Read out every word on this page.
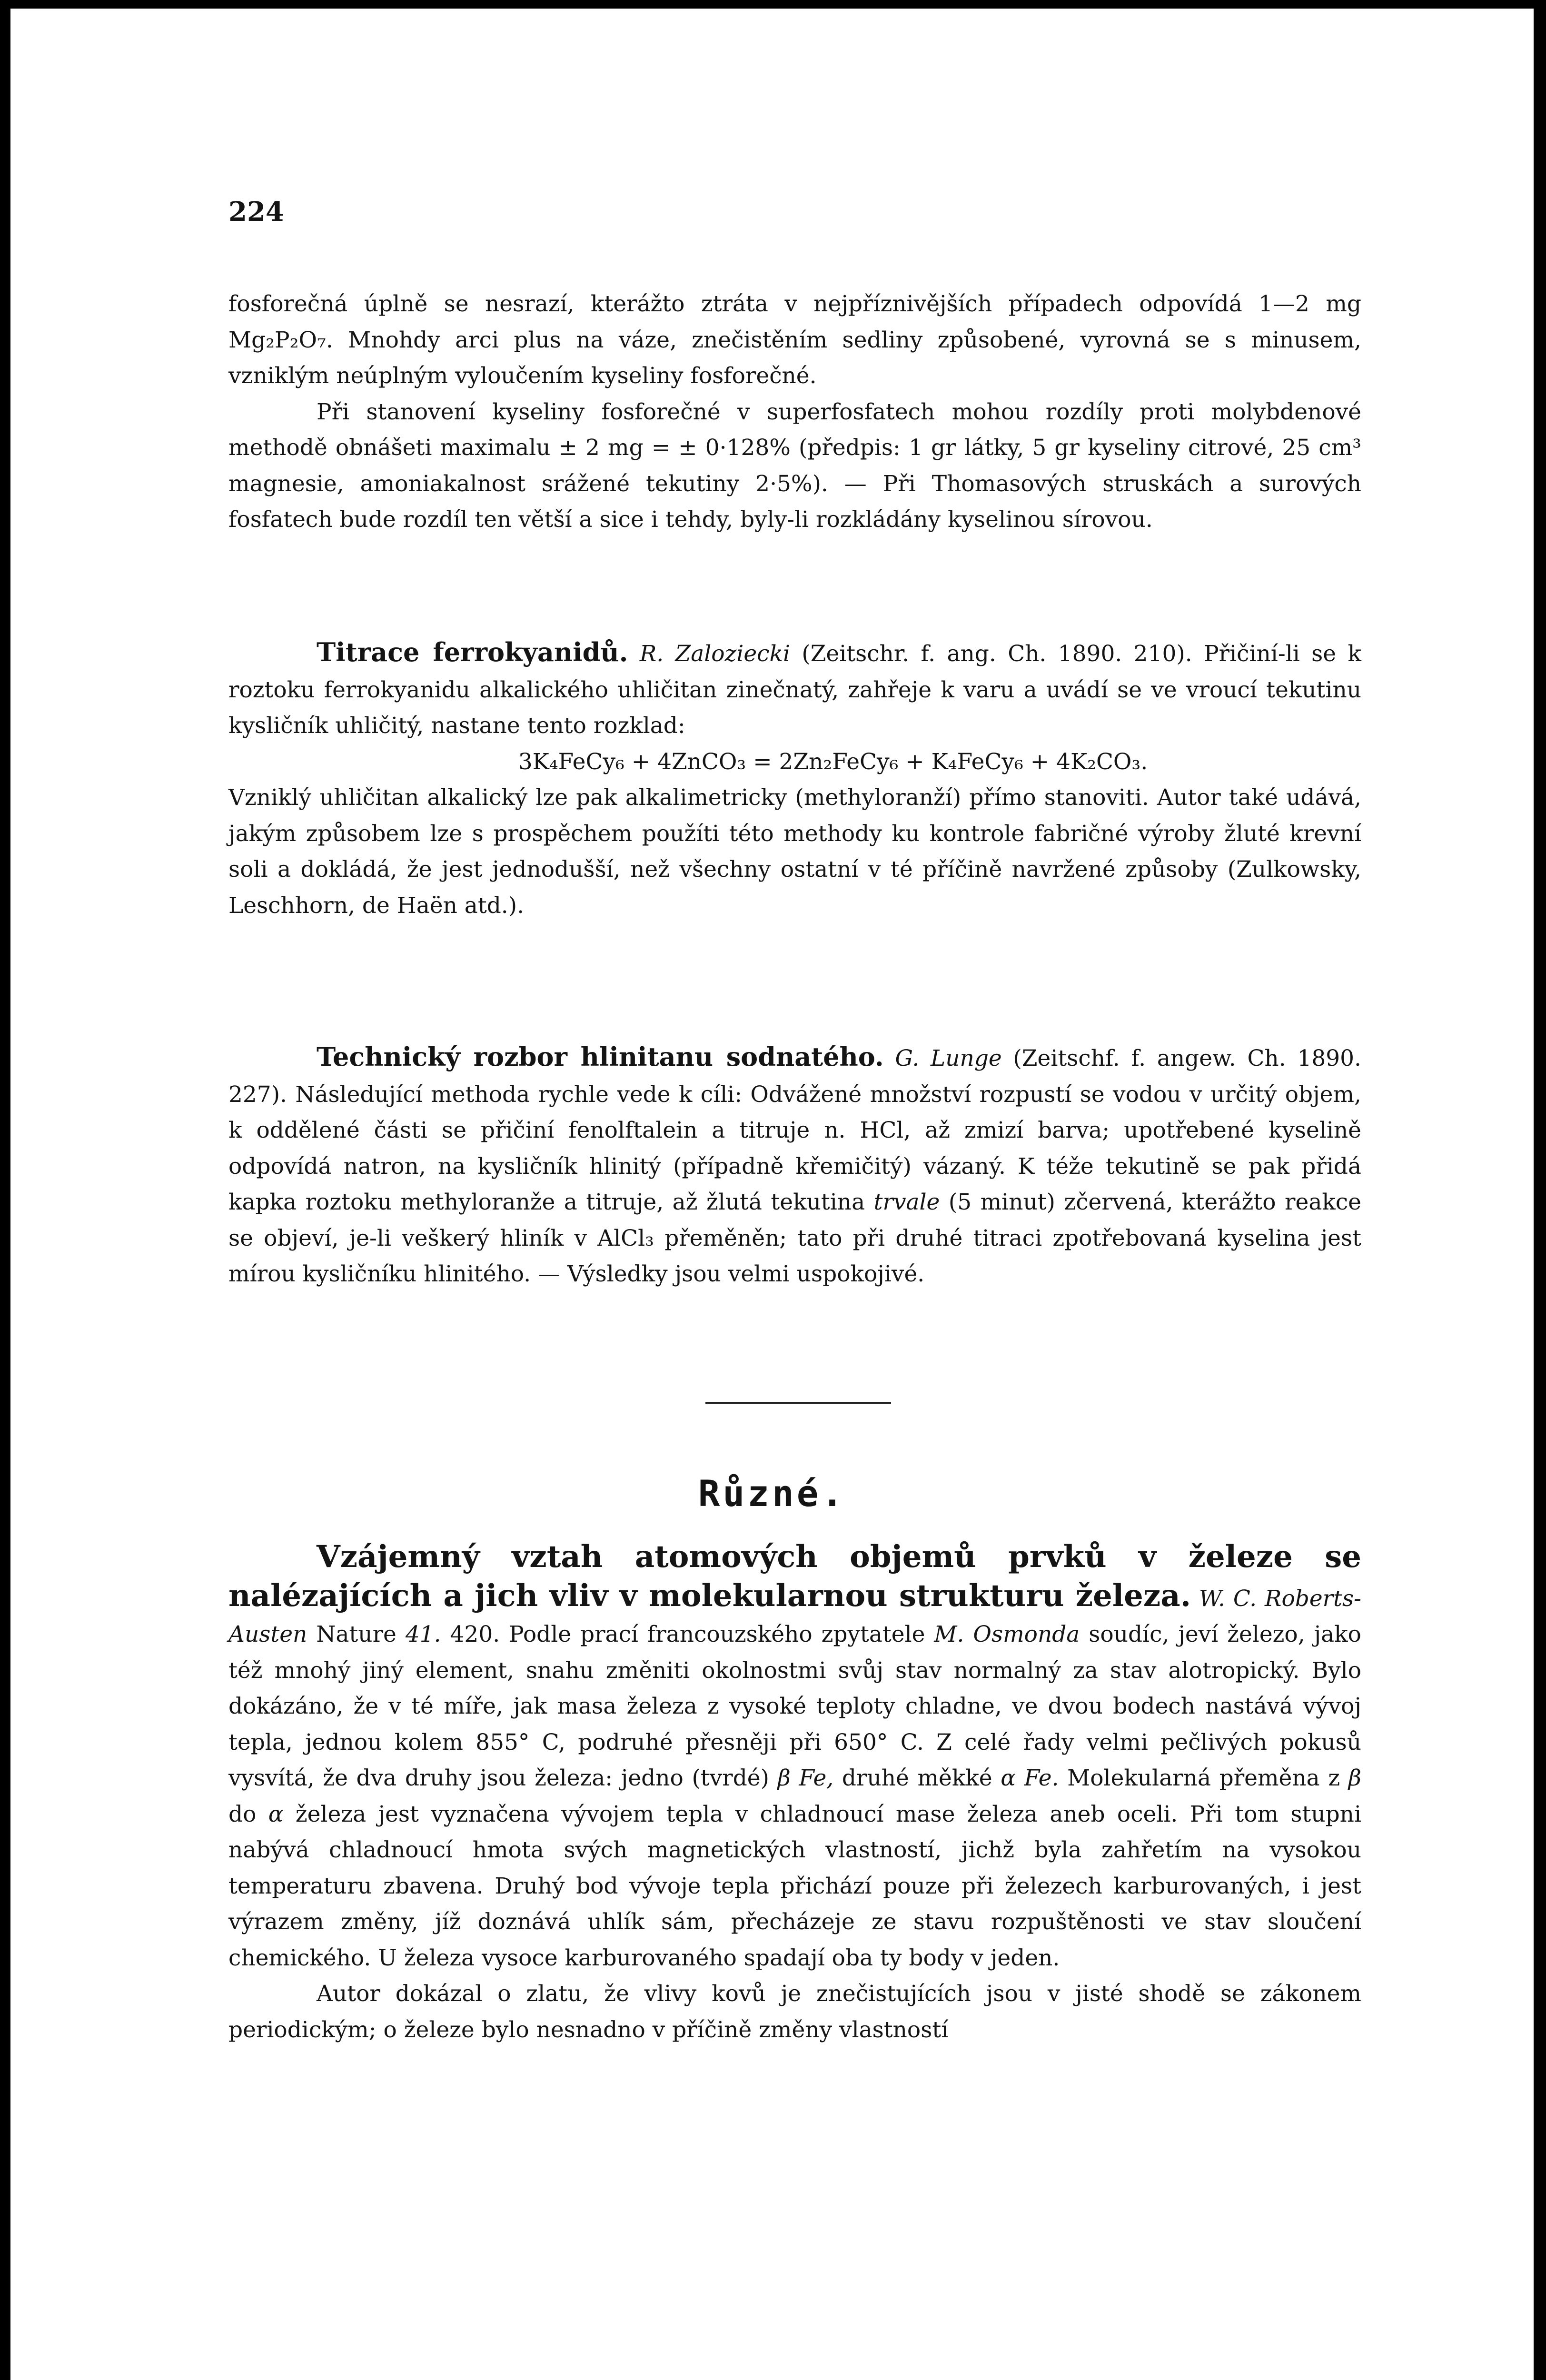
224

fosforečná úplně se nesrazí, kterážto ztráta v nejpříznivějších případech odpovídá 1—2 mg Mg₂P₂O₇. Mnohdy arci plus na váze, znečistěním sedliny způsobené, vyrovná se s minusem, vzniklým neúplným vyloučením kyseliny fosforečné.

Při stanovení kyseliny fosforečné v superfosfatech mohou rozdíly proti molybdenové methodě obnášeti maximalu ± 2 mg = ± 0·128% (předpis: 1 gr látky, 5 gr kyseliny citrové, 25 cm³ magnesie, amoniakalnost srážené tekutiny 2·5%). — Při Thomasových struskách a surových fosfatech bude rozdíl ten větší a sice i tehdy, byly-li rozkládány kyselinou sírovou.

Titrace ferrokyanidů. R. Zaloziecki (Zeitschr. f. ang. Ch. 1890. 210). Přičiní-li se k roztoku ferrokyanidu alkalického uhličitan zinečnatý, zahřeje k varu a uvádí se ve vroucí tekutinu kysličník uhličitý, nastane tento rozklad:

3K₄FeCy₆ + 4ZnCO₃ = 2Zn₂FeCy₆ + K₄FeCy₆ + 4K₂CO₃.

Vzniklý uhličitan alkalický lze pak alkalimetricky (methyloranží) přímo stanoviti. Autor také udává, jakým způsobem lze s prospěchem použíti této methody ku kontrole fabričné výroby žluté krevní soli a dokládá, že jest jednodušší, než všechny ostatní v té příčině navržené způsoby (Zulkowsky, Leschhorn, de Haën atd.).

Technický rozbor hlinitanu sodnatého. G. Lunge (Zeitschf. f. angew. Ch. 1890. 227). Následující methoda rychle vede k cíli: Odvážené množství rozpustí se vodou v určitý objem, k oddělené části se přičiní fenolftalein a titruje n. HCl, až zmizí barva; upotřebené kyselině odpovídá natron, na kysličník hlinitý (případně křemičitý) vázaný. K téže tekutině se pak přidá kapka roztoku methyloranže a titruje, až žlutá tekutina trvale (5 minut) zčervená, kterážto reakce se objeví, je-li veškerý hliník v AlCl₃ přeměněn; tato při druhé titraci zpotřebovaná kyselina jest mírou kysličníku hlinitého. — Výsledky jsou velmi uspokojivé.

Různé.

Vzájemný vztah atomových objemů prvků v železe se nalézajících a jich vliv v molekularnou strukturu železa. W. C. Roberts-Austen Nature 41. 420. Podle prací francouzského zpytatele M. Osmonda soudíc, jeví železo, jako též mnohý jiný element, snahu změniti okolnostmi svůj stav normalný za stav alotropický. Bylo dokázáno, že v té míře, jak masa železa z vysoké teploty chladne, ve dvou bodech nastává vývoj tepla, jednou kolem 855° C, podruhé přesněji při 650° C. Z celé řady velmi pečlivých pokusů vysvítá, že dva druhy jsou železa: jedno (tvrdé) β Fe, druhé měkké α Fe. Molekularná přeměna z β do α železa jest vyznačena vývojem tepla v chladnoucí mase železa aneb oceli. Při tom stupni nabývá chladnoucí hmota svých magnetických vlastností, jichž byla zahřetím na vysokou temperaturu zbavena. Druhý bod vývoje tepla přichází pouze při železech karburovaných, i jest výrazem změny, jíž doznává uhlík sám, přecházeje ze stavu rozpuštěnosti ve stav sloučení chemického. U železa vysoce karburovaného spadají oba ty body v jeden.

Autor dokázal o zlatu, že vlivy kovů je znečistujících jsou v jisté shodě se zákonem periodickým; o železe bylo nesnadno v příčině změny vlastností
